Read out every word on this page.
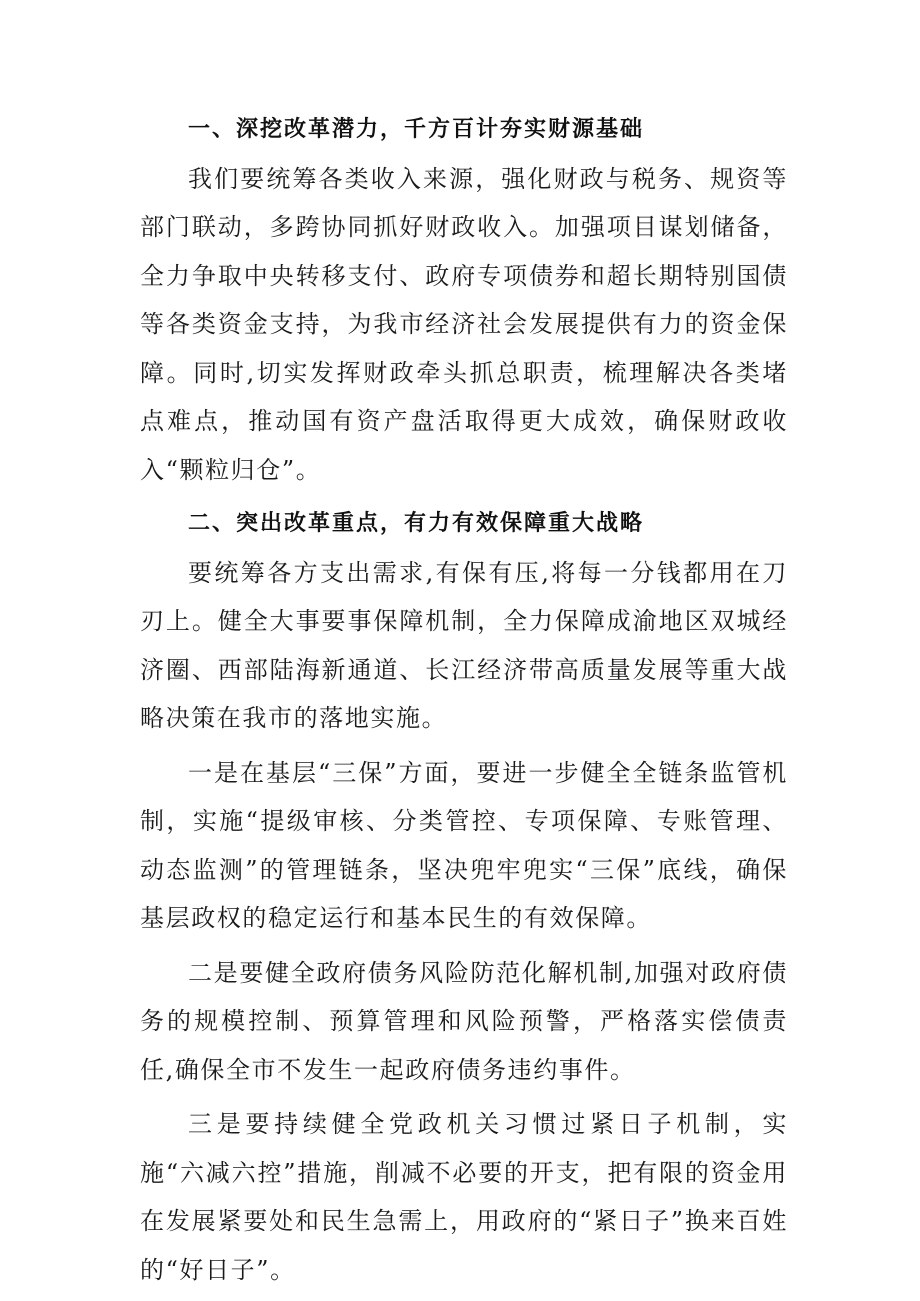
一、深挖改革潜力，千方百计夯实财源基础

我们要统筹各类收入来源，强化财政与税务、规资等部门联动，多跨协同抓好财政收入。加强项目谋划储备，全力争取中央转移支付、政府专项债券和超长期特别国债等各类资金支持，为我市经济社会发展提供有力的资金保障。同时,切实发挥财政牵头抓总职责，梳理解决各类堵点难点，推动国有资产盘活取得更大成效，确保财政收入“颗粒归仓”。

二、突出改革重点，有力有效保障重大战略

要统筹各方支出需求,有保有压,将每一分钱都用在刀刃上。健全大事要事保障机制，全力保障成渝地区双城经济圈、西部陆海新通道、长江经济带高质量发展等重大战略决策在我市的落地实施。

一是在基层“三保”方面，要进一步健全全链条监管机制，实施“提级审核、分类管控、专项保障、专账管理、动态监测”的管理链条，坚决兜牢兜实“三保”底线，确保基层政权的稳定运行和基本民生的有效保障。

二是要健全政府债务风险防范化解机制,加强对政府债务的规模控制、预算管理和风险预警，严格落实偿债责任,确保全市不发生一起政府债务违约事件。

三是要持续健全党政机关习惯过紧日子机制，实施“六减六控”措施，削减不必要的开支，把有限的资金用在发展紧要处和民生急需上，用政府的“紧日子”换来百姓的“好日子”。
